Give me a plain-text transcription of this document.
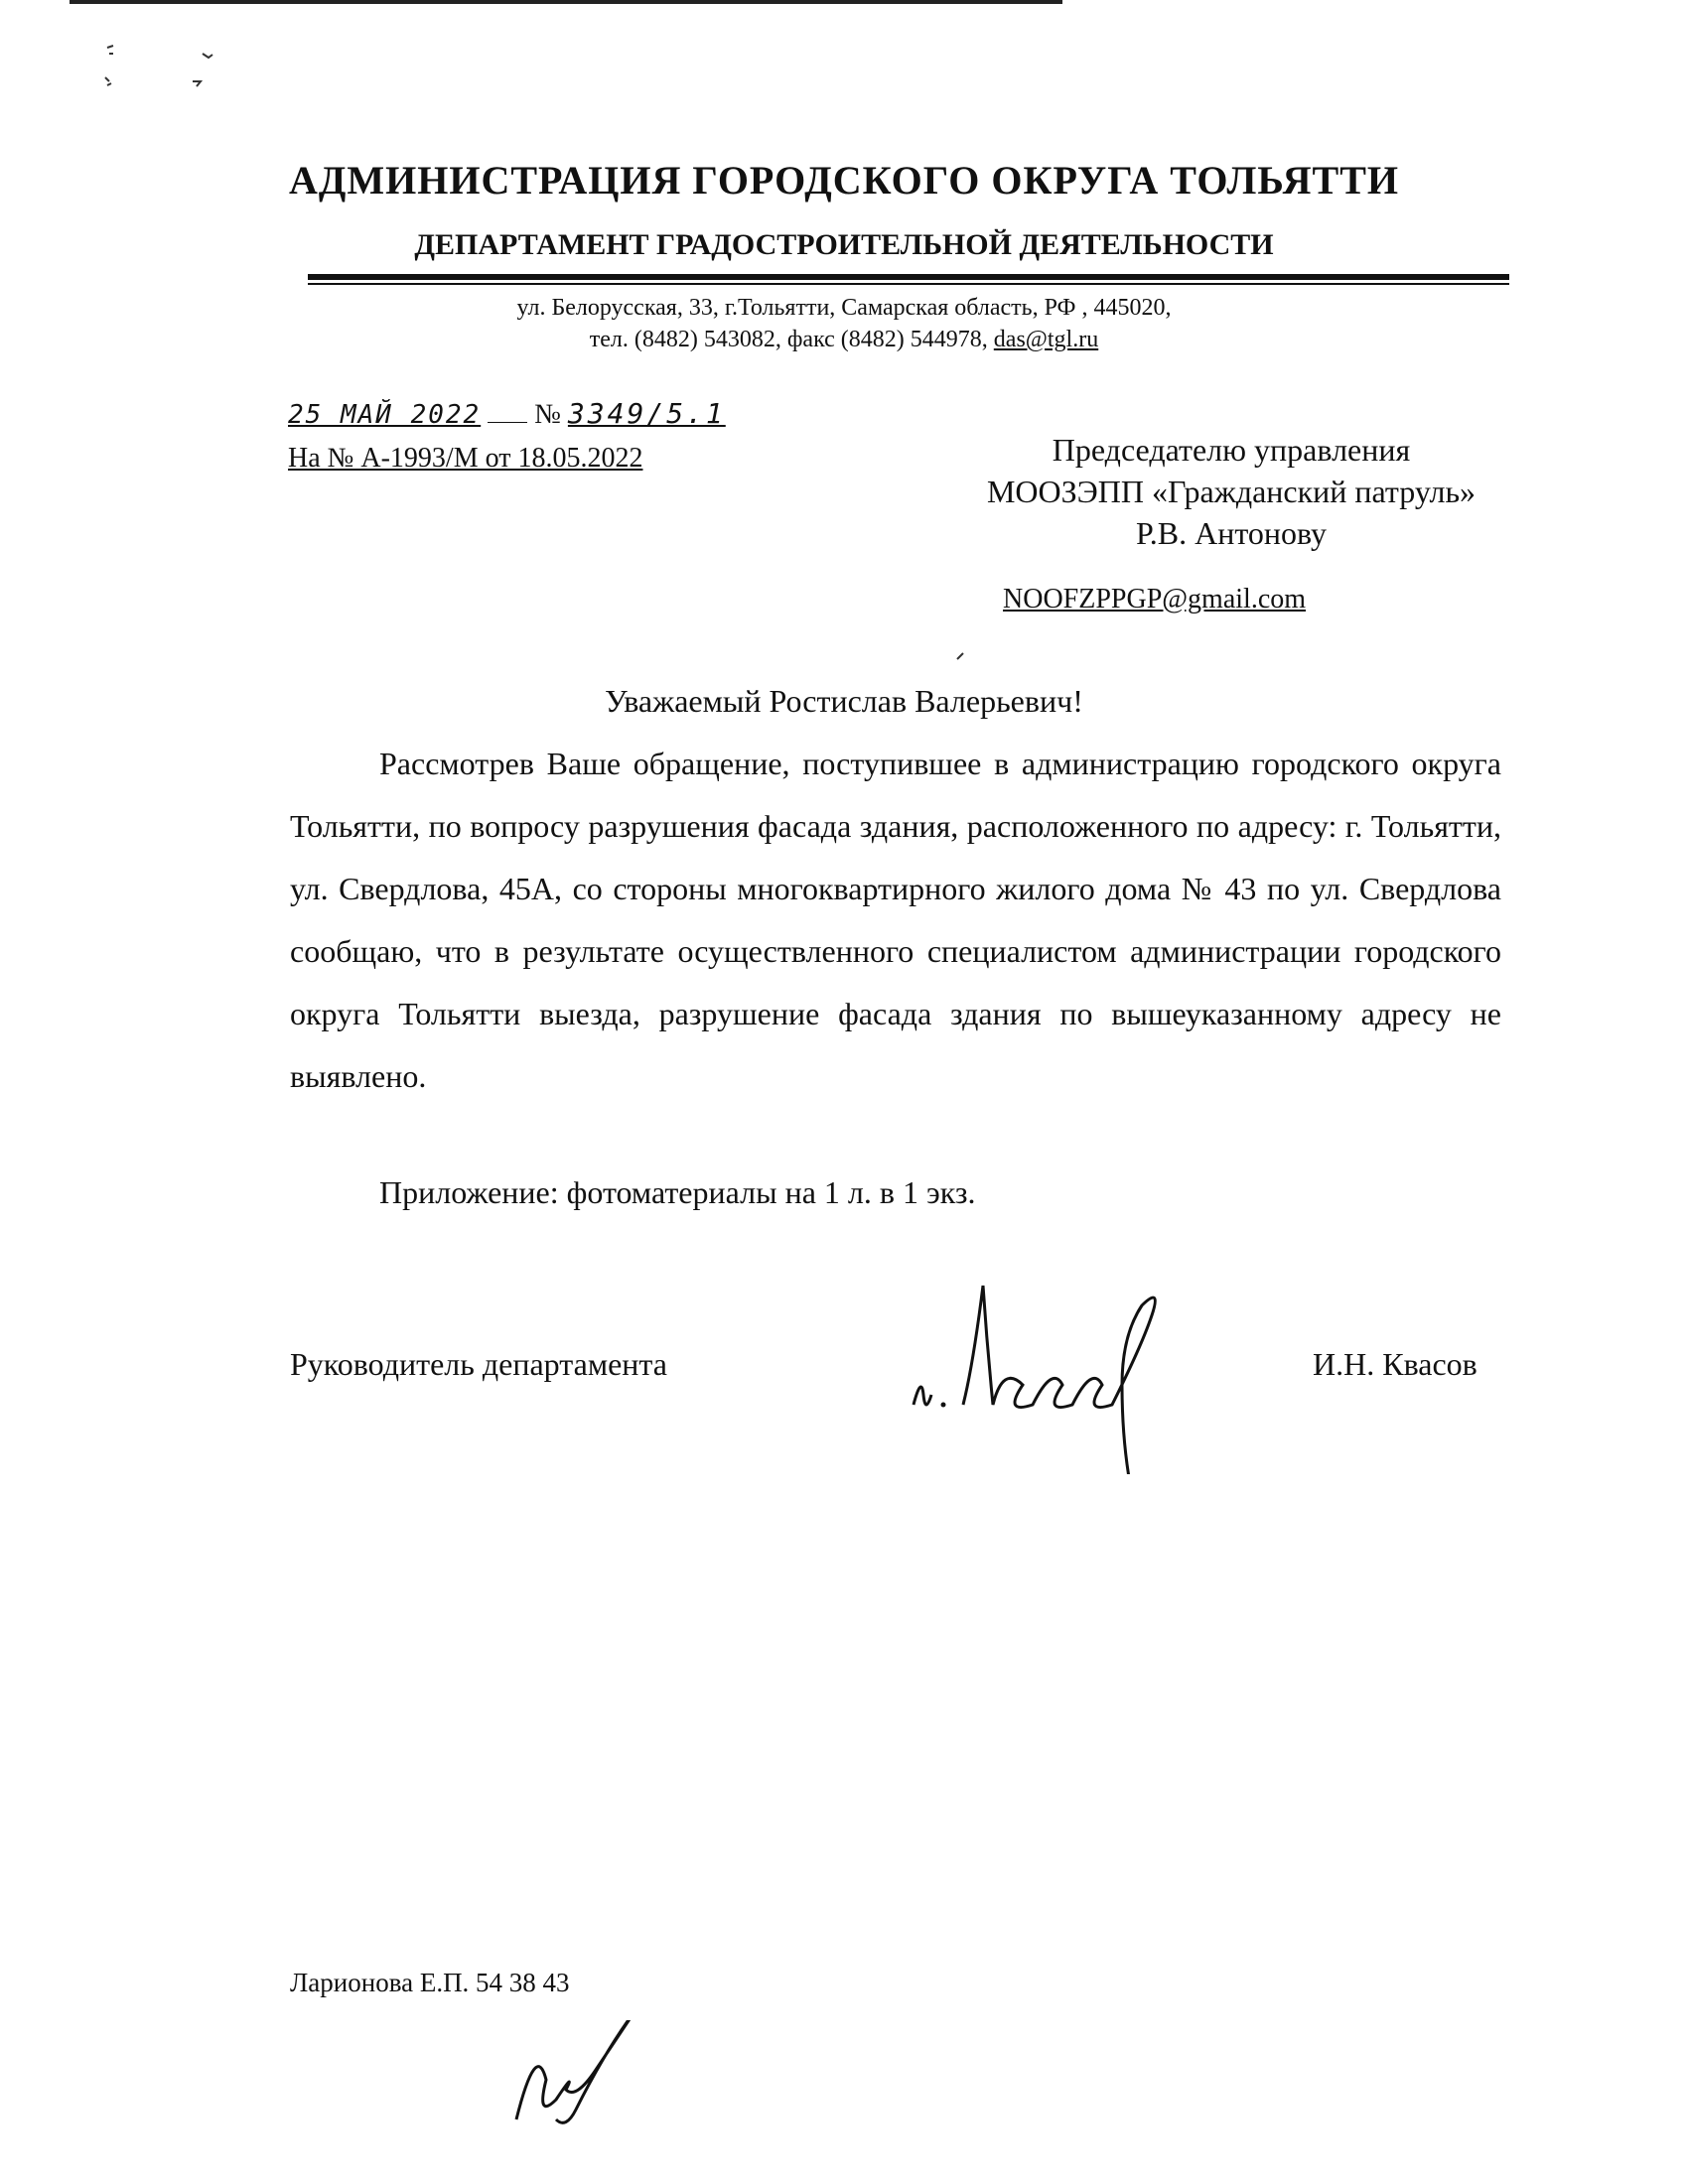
АДМИНИСТРАЦИЯ ГОРОДСКОГО ОКРУГА ТОЛЬЯТТИ
ДЕПАРТАМЕНТ ГРАДОСТРОИТЕЛЬНОЙ ДЕЯТЕЛЬНОСТИ
ул. Белорусская, 33, г.Тольятти, Самарская область, РФ , 445020,
тел. (8482) 543082, факс (8482) 544978, das@tgl.ru
25 МАЙ 2022 № 3349/5.1
На № А-1993/М от 18.05.2022	Председателю управления
МООЗЭПП «Гражданский патруль»
Р.В. Антонову
NOOFZPPGP@gmail.com
Уважаемый Ростислав Валерьевич!
Рассмотрев Ваше обращение, поступившее в администрацию городского округа Тольятти, по вопросу разрушения фасада здания, расположенного по адресу: г. Тольятти, ул. Свердлова, 45А, со стороны многоквартирного жилого дома № 43 по ул. Свердлова сообщаю, что в результате осуществленного специалистом администрации городского округа Тольятти выезда, разрушение фасада здания по вышеуказанному адресу не выявлено.
Приложение: фотоматериалы на 1 л. в 1 экз.
Руководитель департамента	И.Н. Квасов
Ларионова Е.П. 54 38 43
